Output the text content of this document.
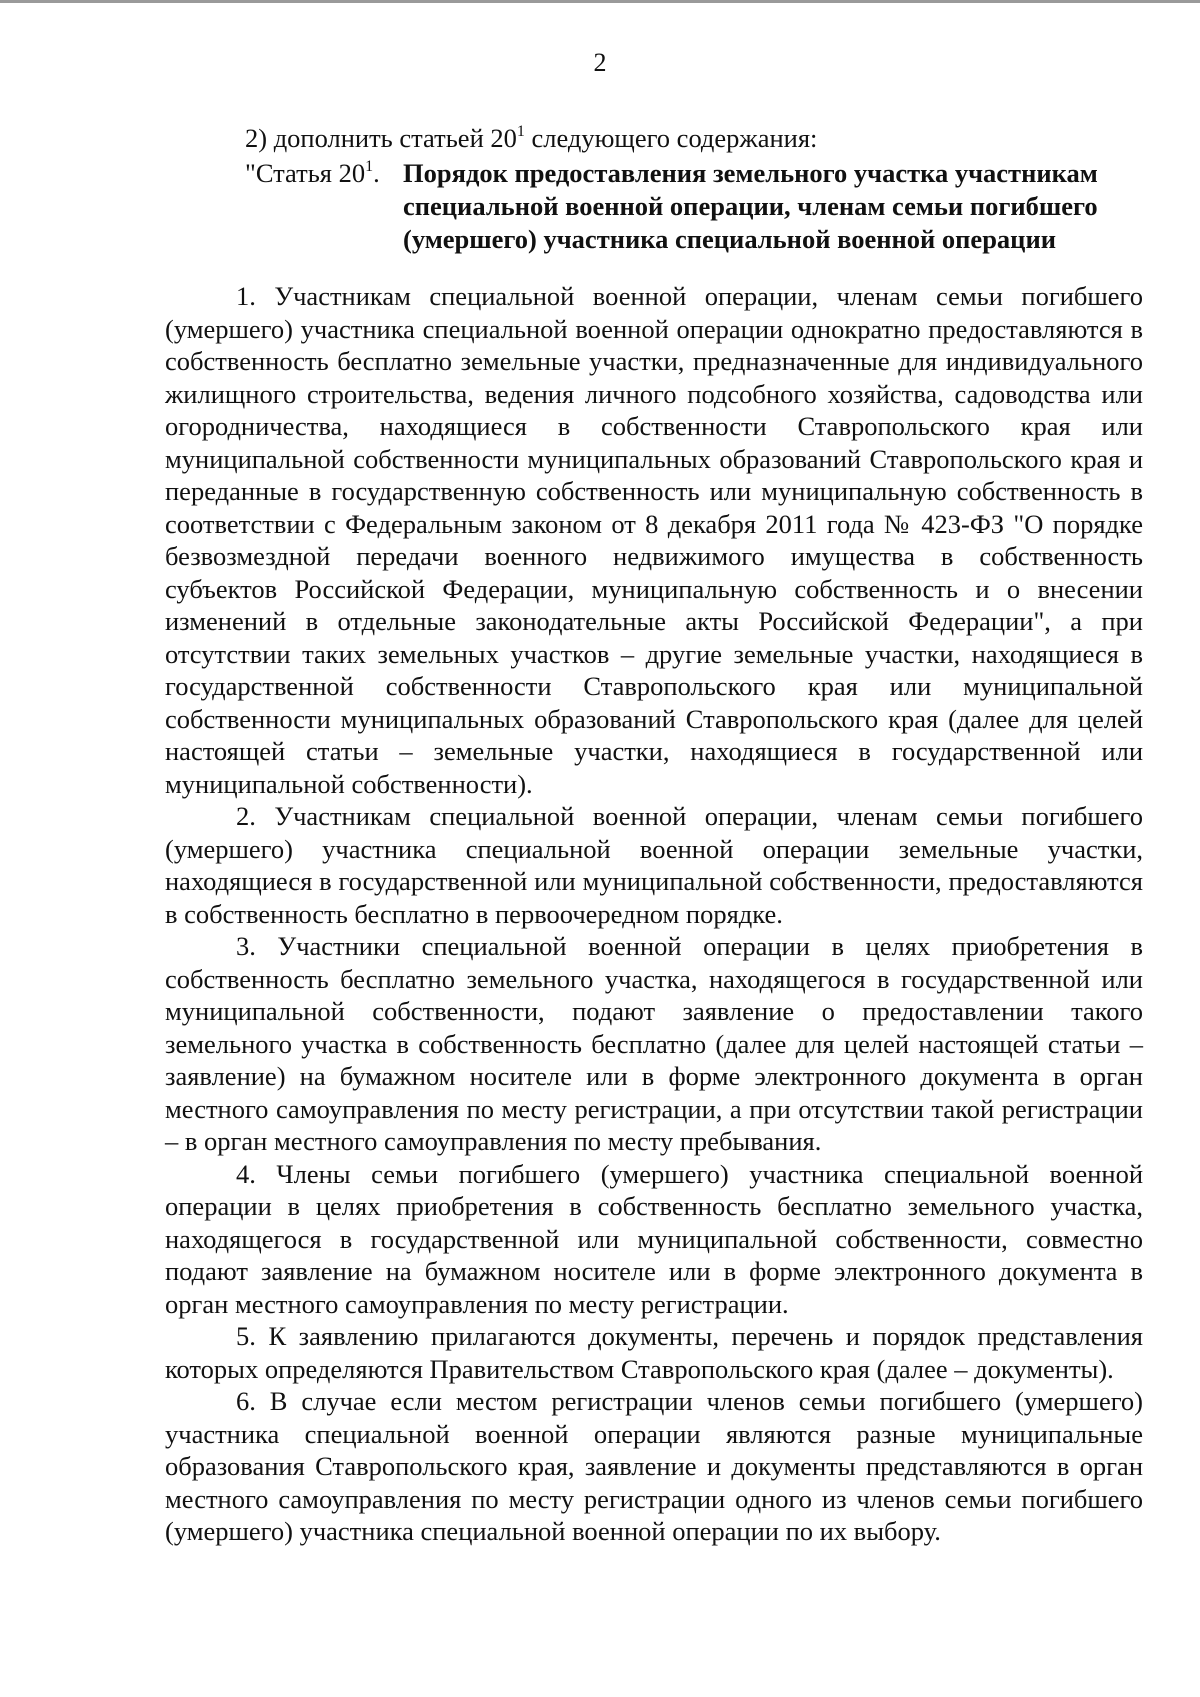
2
2) дополнить статьей $20^1$ следующего содержания:
"Статья $20^1$. Порядок предоставления земельного участка участникам
специальной военной операции, членам семьи погибшего
(умершего) участника специальной военной операции

1. Участникам специальной военной операции, членам семьи погибшего (умершего) участника специальной военной операции однократно предоставляются в собственность бесплатно земельные участки, предназначенные для индивидуального жилищного строительства, ведения личного подсобного хозяйства, садоводства или огородничества, находящиеся в собственности Ставропольского края или муниципальной собственности муниципальных образований Ставропольского края и переданные в государственную собственность или муниципальную собственность в соответствии с Федеральным законом от 8 декабря 2011 года № 423-ФЗ "О порядке безвозмездной передачи военного недвижимого имущества в собственность субъектов Российской Федерации, муниципальную собственность и о внесении изменений в отдельные законодательные акты Российской Федерации", а при отсутствии таких земельных участков – другие земельные участки, находящиеся в государственной собственности Ставропольского края или муниципальной собственности муниципальных образований Ставропольского края (далее для целей настоящей статьи – земельные участки, находящиеся в государственной или муниципальной собственности).

2. Участникам специальной военной операции, членам семьи погибшего (умершего) участника специальной военной операции земельные участки, находящиеся в государственной или муниципальной собственности, предоставляются в собственность бесплатно в первоочередном порядке.

3. Участники специальной военной операции в целях приобретения в собственность бесплатно земельного участка, находящегося в государственной или муниципальной собственности, подают заявление о предоставлении такого земельного участка в собственность бесплатно (далее для целей настоящей статьи – заявление) на бумажном носителе или в форме электронного документа в орган местного самоуправления по месту регистрации, а при отсутствии такой регистрации – в орган местного самоуправления по месту пребывания.

4. Члены семьи погибшего (умершего) участника специальной военной операции в целях приобретения в собственность бесплатно земельного участка, находящегося в государственной или муниципальной собственности, совместно подают заявление на бумажном носителе или в форме электронного документа в орган местного самоуправления по месту регистрации.

5. К заявлению прилагаются документы, перечень и порядок представления которых определяются Правительством Ставропольского края (далее – документы).

6. В случае если местом регистрации членов семьи погибшего (умершего) участника специальной военной операции являются разные муниципальные образования Ставропольского края, заявление и документы представляются в орган местного самоуправления по месту регистрации одного из членов семьи погибшего (умершего) участника специальной военной операции по их выбору.
